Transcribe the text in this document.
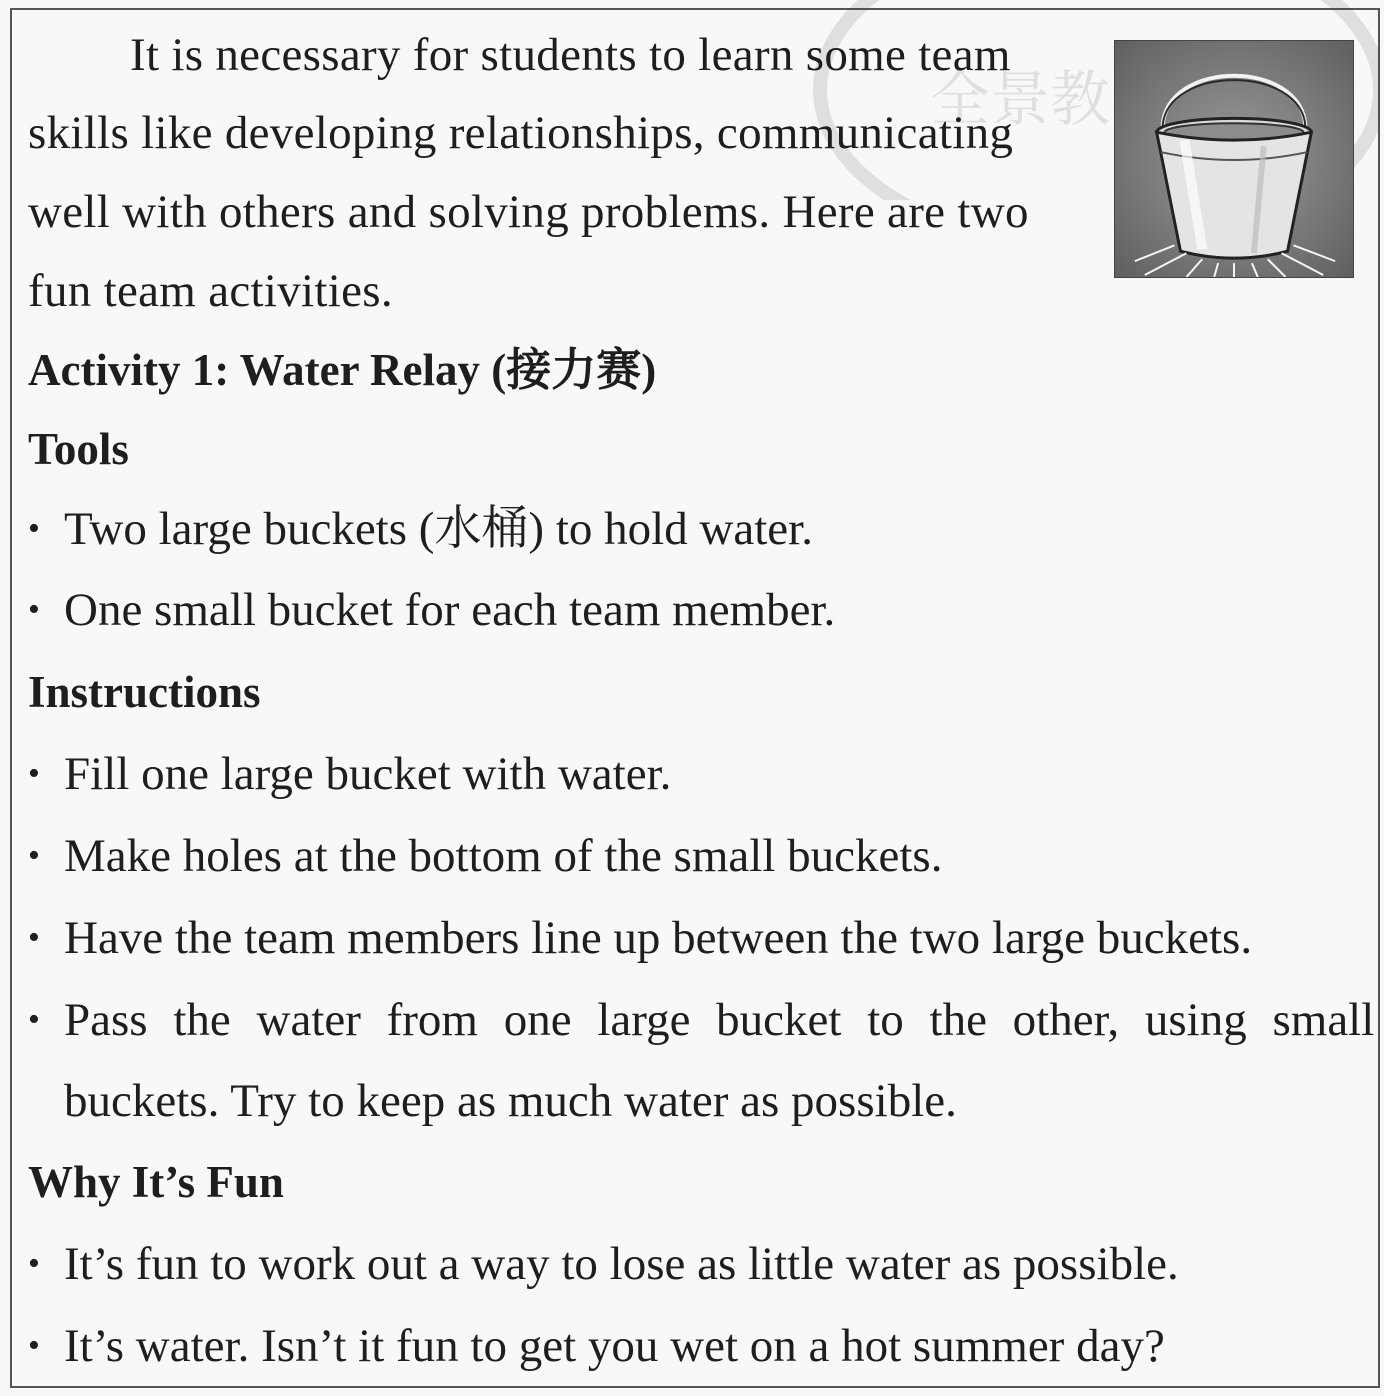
全景教育
It is necessary for students to learn some team
skills like developing relationships, communicating
well with others and solving problems. Here are two
fun team activities.
Activity 1: Water Relay (接力赛)
Tools
• Two large buckets (水桶) to hold water.
• One small bucket for each team member.
Instructions
• Fill one large bucket with water.
• Make holes at the bottom of the small buckets.
• Have the team members line up between the two large buckets.
• Pass the water from one large bucket to the other, using small
buckets. Try to keep as much water as possible.
Why It’s Fun
• It’s fun to work out a way to lose as little water as possible.
• It’s water. Isn’t it fun to get you wet on a hot summer day?
